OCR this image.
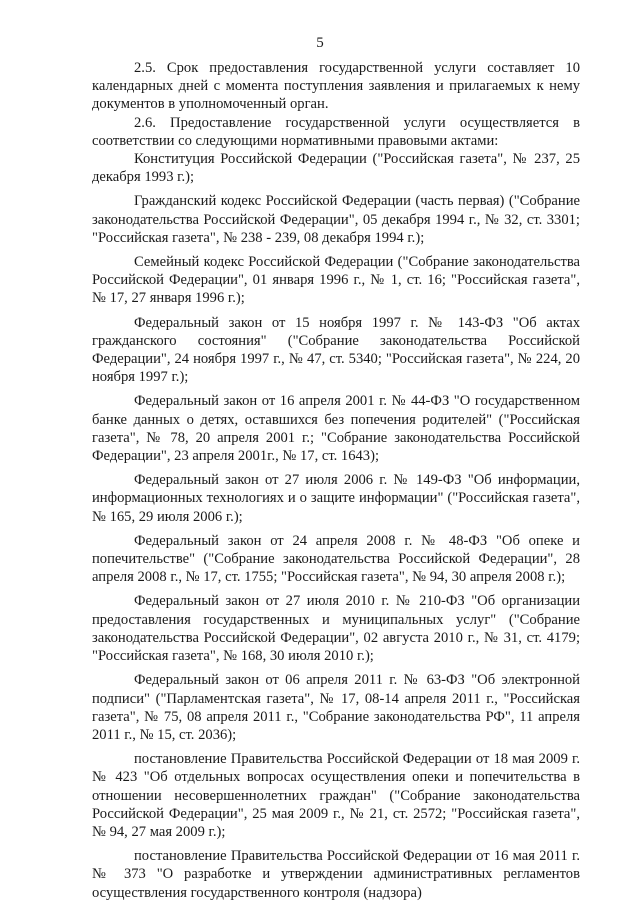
5

2.5. Срок предоставления государственной услуги составляет 10 календарных дней с момента поступления заявления и прилагаемых к нему документов в уполномоченный орган.

2.6. Предоставление государственной услуги осуществляется в соответствии со следующими нормативными правовыми актами:

Конституция Российской Федерации ("Российская газета", № 237, 25 декабря 1993 г.);

Гражданский кодекс Российской Федерации (часть первая) ("Собрание законодательства Российской Федерации", 05 декабря 1994 г., № 32, ст. 3301; "Российская газета", № 238 - 239, 08 декабря 1994 г.);

Семейный кодекс Российской Федерации ("Собрание законодательства Российской Федерации", 01 января 1996 г., № 1, ст. 16; "Российская газета", № 17, 27 января 1996 г.);

Федеральный закон от 15 ноября 1997 г. № 143-ФЗ "Об актах гражданского состояния" ("Собрание законодательства Российской Федерации", 24 ноября 1997 г., № 47, ст. 5340; "Российская газета", № 224, 20 ноября 1997 г.);

Федеральный закон от 16 апреля 2001 г. № 44-ФЗ "О государственном банке данных о детях, оставшихся без попечения родителей" ("Российская газета", № 78, 20 апреля 2001 г.; "Собрание законодательства Российской Федерации", 23 апреля 2001г., № 17, ст. 1643);

Федеральный закон от 27 июля 2006 г. № 149-ФЗ "Об информации, информационных технологиях и о защите информации" ("Российская газета", № 165, 29 июля 2006 г.);

Федеральный закон от 24 апреля 2008 г. № 48-ФЗ "Об опеке и попечительстве" ("Собрание законодательства Российской Федерации", 28 апреля 2008 г., № 17, ст. 1755; "Российская газета", № 94, 30 апреля 2008 г.);

Федеральный закон от 27 июля 2010 г. № 210-ФЗ "Об организации предоставления государственных и муниципальных услуг" ("Собрание законодательства Российской Федерации", 02 августа 2010 г., № 31, ст. 4179; "Российская газета", № 168, 30 июля 2010 г.);

Федеральный закон от 06 апреля 2011 г. № 63-ФЗ "Об электронной подписи" ("Парламентская газета", № 17, 08-14 апреля 2011 г., "Российская газета", № 75, 08 апреля 2011 г., "Собрание законодательства РФ", 11 апреля 2011 г., № 15, ст. 2036);

постановление Правительства Российской Федерации от 18 мая 2009 г. № 423 "Об отдельных вопросах осуществления опеки и попечительства в отношении несовершеннолетних граждан" ("Собрание законодательства Российской Федерации", 25 мая 2009 г., № 21, ст. 2572; "Российская газета", № 94, 27 мая 2009 г.);

постановление Правительства Российской Федерации от 16 мая 2011 г. № 373 "О разработке и утверждении административных регламентов осуществления государственного контроля (надзора)
